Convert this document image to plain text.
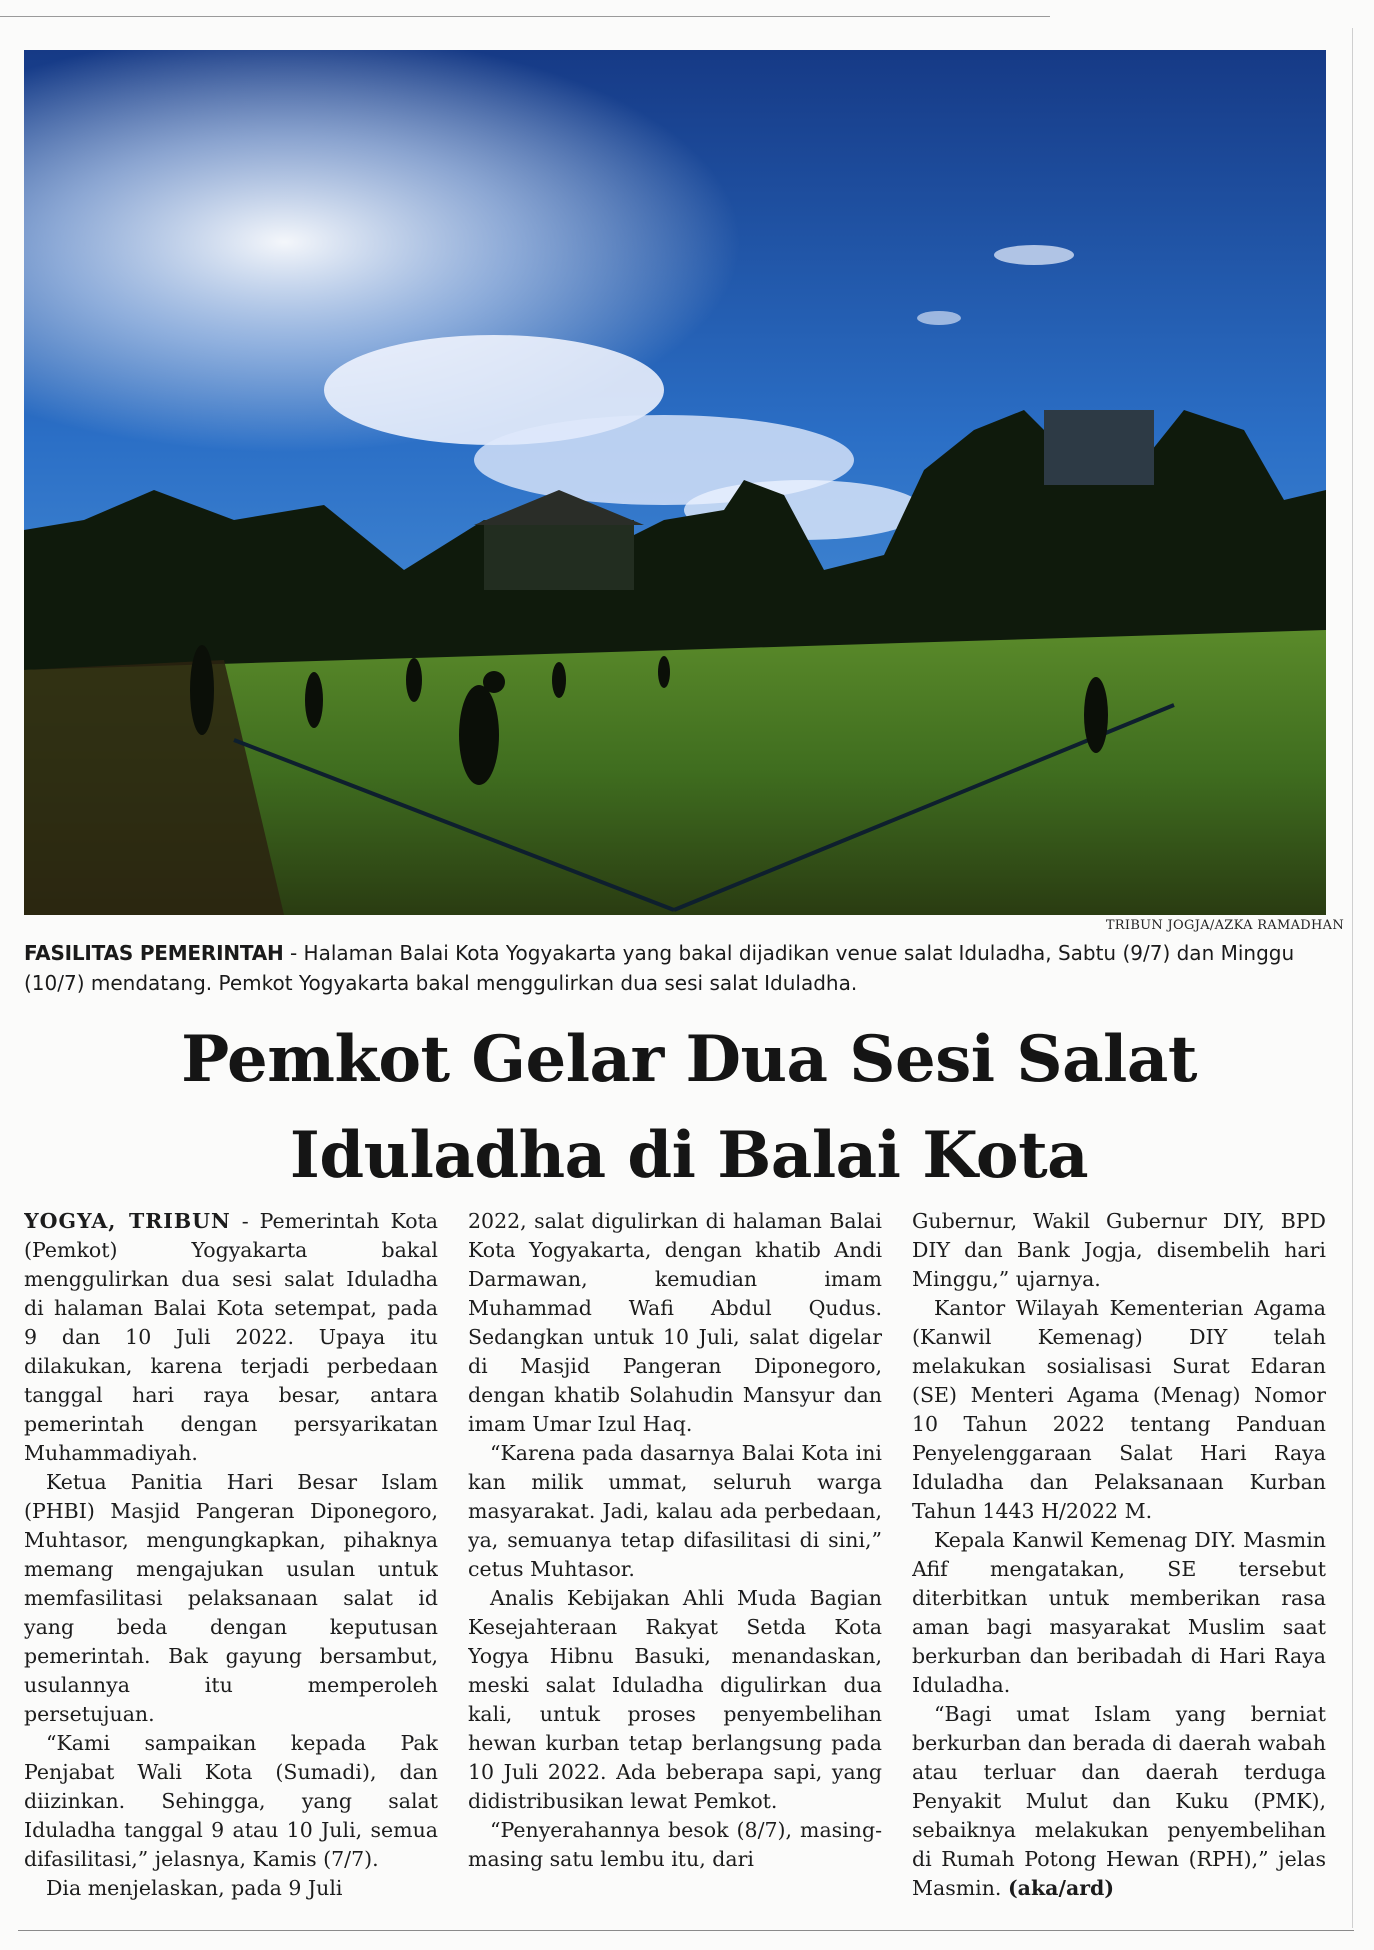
TRIBUN JOGJA/AZKA RAMADHAN
FASILITAS PEMERINTAH - Halaman Balai Kota Yogyakarta yang bakal dijadikan venue salat Iduladha, Sabtu (9/7) dan Minggu (10/7) mendatang. Pemkot Yogyakarta bakal menggulirkan dua sesi salat Iduladha.
Pemkot Gelar Dua Sesi Salat
Iduladha di Balai Kota

YOGYA, TRIBUN - Pemerintah Kota (Pemkot) Yogyakarta bakal menggulirkan dua sesi salat Iduladha di halaman Balai Kota setempat, pada 9 dan 10 Juli 2022. Upaya itu dilakukan, karena terjadi perbedaan tanggal hari raya besar, antara pemerintah dengan persyarikatan Muhammadiyah.

Ketua Panitia Hari Besar Islam (PHBI) Masjid Pangeran Diponegoro, Muhtasor, mengungkapkan, pihaknya memang mengajukan usulan untuk memfasilitasi pelaksanaan salat id yang beda dengan keputusan pemerintah. Bak gayung bersambut, usulannya itu memperoleh persetujuan.

“Kami sampaikan kepada Pak Penjabat Wali Kota (Sumadi), dan diizinkan. Sehingga, yang salat Iduladha tanggal 9 atau 10 Juli, semua difasilitasi,” jelasnya, Kamis (7/7).

Dia menjelaskan, pada 9 Juli

2022, salat digulirkan di halaman Balai Kota Yogyakarta, dengan khatib Andi Darmawan, kemudian imam Muhammad Wafi Abdul Qudus. Sedangkan untuk 10 Juli, salat digelar di Masjid Pangeran Diponegoro, dengan khatib Solahudin Mansyur dan imam Umar Izul Haq.

“Karena pada dasarnya Balai Kota ini kan milik ummat, seluruh warga masyarakat. Jadi, kalau ada perbedaan, ya, semuanya tetap difasilitasi di sini,” cetus Muhtasor.

Analis Kebijakan Ahli Muda Bagian Kesejahteraan Rakyat Setda Kota Yogya Hibnu Basuki, menandaskan, meski salat Iduladha digulirkan dua kali, untuk proses penyembelihan hewan kurban tetap berlangsung pada 10 Juli 2022. Ada beberapa sapi, yang didistribusikan lewat Pemkot.

“Penyerahannya besok (8/7), masing-masing satu lembu itu, dari

Gubernur, Wakil Gubernur DIY, BPD DIY dan Bank Jogja, disembelih hari Minggu,” ujarnya.

Kantor Wilayah Kementerian Agama (Kanwil Kemenag) DIY telah melakukan sosialisasi Surat Edaran (SE) Menteri Agama (Menag) Nomor 10 Tahun 2022 tentang Panduan Penyelenggaraan Salat Hari Raya Iduladha dan Pelaksanaan Kurban Tahun 1443 H/2022 M.

Kepala Kanwil Kemenag DIY. Masmin Afif mengatakan, SE tersebut diterbitkan untuk memberikan rasa aman bagi masyarakat Muslim saat berkurban dan beribadah di Hari Raya Iduladha.

“Bagi umat Islam yang berniat berkurban dan berada di daerah wabah atau terluar dan daerah terduga Penyakit Mulut dan Kuku (PMK), sebaiknya melakukan penyembelihan di Rumah Potong Hewan (RPH),” jelas Masmin. (aka/ard)
